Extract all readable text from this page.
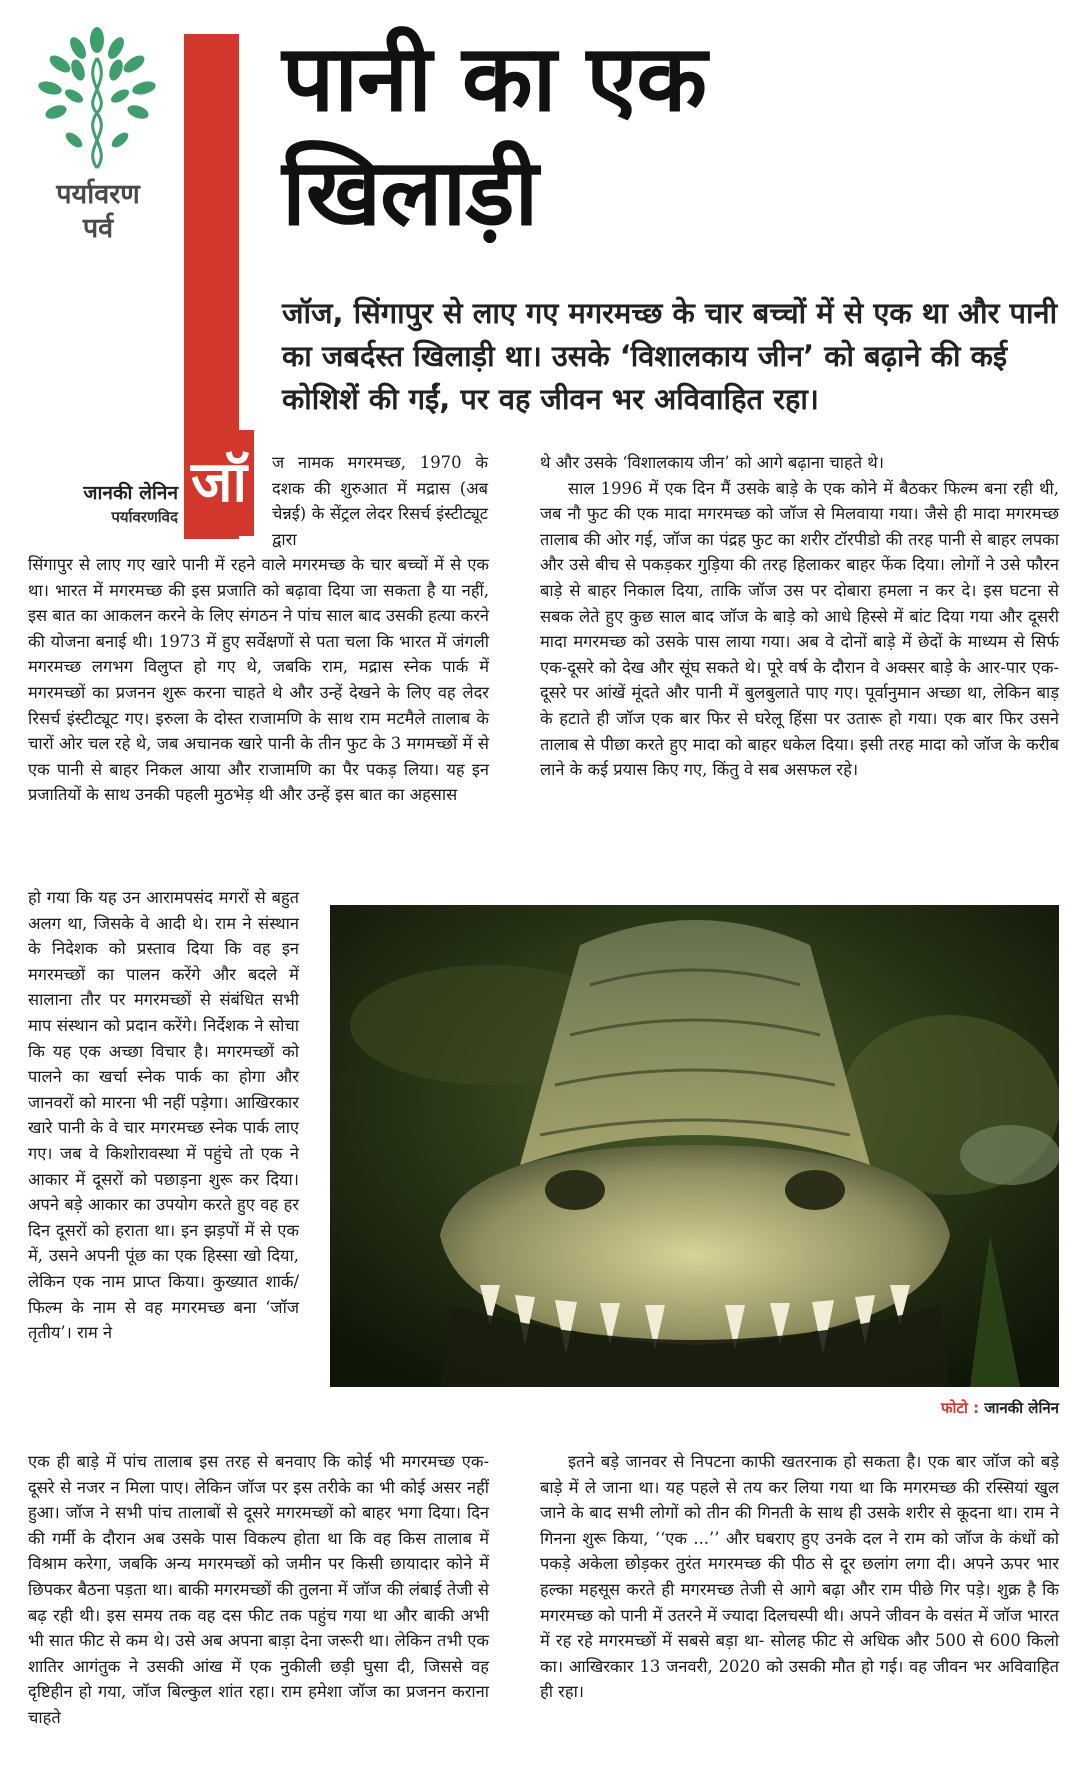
पर्यावरण
पर्व
जॉ
पानी का एक
खिलाड़ी
जॉज, सिंगापुर से लाए गए मगरमच्छ के चार बच्चों में से एक था और पानी का जबर्दस्त खिलाड़ी था। उसके ‘विशालकाय जीन’ को बढ़ाने की कई कोशिशें की गईं, पर वह जीवन भर अविवाहित रहा।
जानकी लेनिन
पर्यावरणविद
ज नामक मगरमच्छ, 1970 के दशक की शुरुआत में मद्रास (अब चेन्नई) के सेंट्रल लेदर रिसर्च इंस्टीट्यूट द्वारा
सिंगापुर से लाए गए खारे पानी में रहने वाले मगरमच्छ के चार बच्चों में से एक था। भारत में मगरमच्छ की इस प्रजाति को बढ़ावा दिया जा सकता है या नहीं, इस बात का आकलन करने के लिए संगठन ने पांच साल बाद उसकी हत्या करने की योजना बनाई थी। 1973 में हुए सर्वेक्षणों से पता चला कि भारत में जंगली मगरमच्छ लगभग विलुप्त हो गए थे, जबकि राम, मद्रास स्नेक पार्क में मगरमच्छों का प्रजनन शुरू करना चाहते थे और उन्हें देखने के लिए वह लेदर रिसर्च इंस्टीट्यूट गए। इरुला के दोस्त राजामणि के साथ राम मटमैले तालाब के चारों ओर चल रहे थे, जब अचानक खारे पानी के तीन फुट के 3 मगमच्छों में से एक पानी से बाहर निकल आया और राजामणि का पैर पकड़ लिया। यह इन प्रजातियों के साथ उनकी पहली मुठभेड़ थी और उन्हें इस बात का अहसास
हो गया कि यह उन आरामपसंद मगरों से बहुत अलग था, जिसके वे आदी थे। राम ने संस्थान के निदेशक को प्रस्ताव दिया कि वह इन मगरमच्छों का पालन करेंगे और बदले में सालाना तौर पर मगरमच्छों से संबंधित सभी माप संस्थान को प्रदान करेंगे। निर्देशक ने सोचा कि यह एक अच्छा विचार है। मगरमच्छों को पालने का खर्चा स्नेक पार्क का होगा और जानवरों को मारना भी नहीं पड़ेगा। आखिरकार खारे पानी के वे चार मगरमच्छ स्नेक पार्क लाए गए। जब वे किशोरावस्था में पहुंचे तो एक ने आकार में दूसरों को पछाड़ना शुरू कर दिया। अपने बड़े आकार का उपयोग करते हुए वह हर दिन दूसरों को हराता था। इन झड़पों में से एक में, उसने अपनी पूंछ का एक हिस्सा खो दिया, लेकिन एक नाम प्राप्त किया। कुख्यात शार्क/फिल्म के नाम से वह मगरमच्छ बना ‘जॉज तृतीय’। राम ने
एक ही बाड़े में पांच तालाब इस तरह से बनवाए कि कोई भी मगरमच्छ एक-दूसरे से नजर न मिला पाए। लेकिन जॉज पर इस तरीके का भी कोई असर नहीं हुआ। जॉज ने सभी पांच तालाबों से दूसरे मगरमच्छों को बाहर भगा दिया। दिन की गर्मी के दौरान अब उसके पास विकल्प होता था कि वह किस तालाब में विश्राम करेगा, जबकि अन्य मगरमच्छों को जमीन पर किसी छायादार कोने में छिपकर बैठना पड़ता था। बाकी मगरमच्छों की तुलना में जॉज की लंबाई तेजी से बढ़ रही थी। इस समय तक वह दस फीट तक पहुंच गया था और बाकी अभी भी सात फीट से कम थे। उसे अब अपना बाड़ा देना जरूरी था। लेकिन तभी एक शातिर आगंतुक ने उसकी आंख में एक नुकीली छड़ी घुसा दी, जिससे वह दृष्टिहीन हो गया, जॉज बिल्कुल शांत रहा। राम हमेशा जॉज का प्रजनन कराना चाहते

थे और उसके ‘विशालकाय जीन’ को आगे बढ़ाना चाहते थे।

साल 1996 में एक दिन मैं उसके बाड़े के एक कोने में बैठकर फिल्म बना रही थी, जब नौ फुट की एक मादा मगरमच्छ को जॉज से मिलवाया गया। जैसे ही मादा मगरमच्छ तालाब की ओर गई, जॉज का पंद्रह फुट का शरीर टॉरपीडो की तरह पानी से बाहर लपका और उसे बीच से पकड़कर गुड़िया की तरह हिलाकर बाहर फेंक दिया। लोगों ने उसे फौरन बाड़े से बाहर निकाल दिया, ताकि जॉज उस पर दोबारा हमला न कर दे। इस घटना से सबक लेते हुए कुछ साल बाद जॉज के बाड़े को आधे हिस्से में बांट दिया गया और दूसरी मादा मगरमच्छ को उसके पास लाया गया। अब वे दोनों बाड़े में छेदों के माध्यम से सिर्फ एक-दूसरे को देख और सूंघ सकते थे। पूरे वर्ष के दौरान वे अक्सर बाड़े के आर-पार एक-दूसरे पर आंखें मूंदते और पानी में बुलबुलाते पाए गए। पूर्वानुमान अच्छा था, लेकिन बाड़ के हटाते ही जॉज एक बार फिर से घरेलू हिंसा पर उतारू हो गया। एक बार फिर उसने तालाब से पीछा करते हुए मादा को बाहर धकेल दिया। इसी तरह मादा को जॉज के करीब लाने के कई प्रयास किए गए, किंतु वे सब असफल रहे।

इतने बड़े जानवर से निपटना काफी खतरनाक हो सकता है। एक बार जॉज को बड़े बाड़े में ले जाना था। यह पहले से तय कर लिया गया था कि मगरमच्छ की रस्सियां खुल जाने के बाद सभी लोगों को तीन की गिनती के साथ ही उसके शरीर से कूदना था। राम ने गिनना शुरू किया, ‘‘एक ...’’ और घबराए हुए उनके दल ने राम को जॉज के कंधों को पकड़े अकेला छोड़कर तुरंत मगरमच्छ की पीठ से दूर छलांग लगा दी। अपने ऊपर भार हल्का महसूस करते ही मगरमच्छ तेजी से आगे बढ़ा और राम पीछे गिर पड़े। शुक्र है कि मगरमच्छ को पानी में उतरने में ज्यादा दिलचस्पी थी। अपने जीवन के वसंत में जॉज भारत में रह रहे मगरमच्छों में सबसे बड़ा था- सोलह फीट से अधिक और 500 से 600 किलो का। आखिरकार 13 जनवरी, 2020 को उसकी मौत हो गई। वह जीवन भर अविवाहित ही रहा।
फोटो : जानकी लेनिन
